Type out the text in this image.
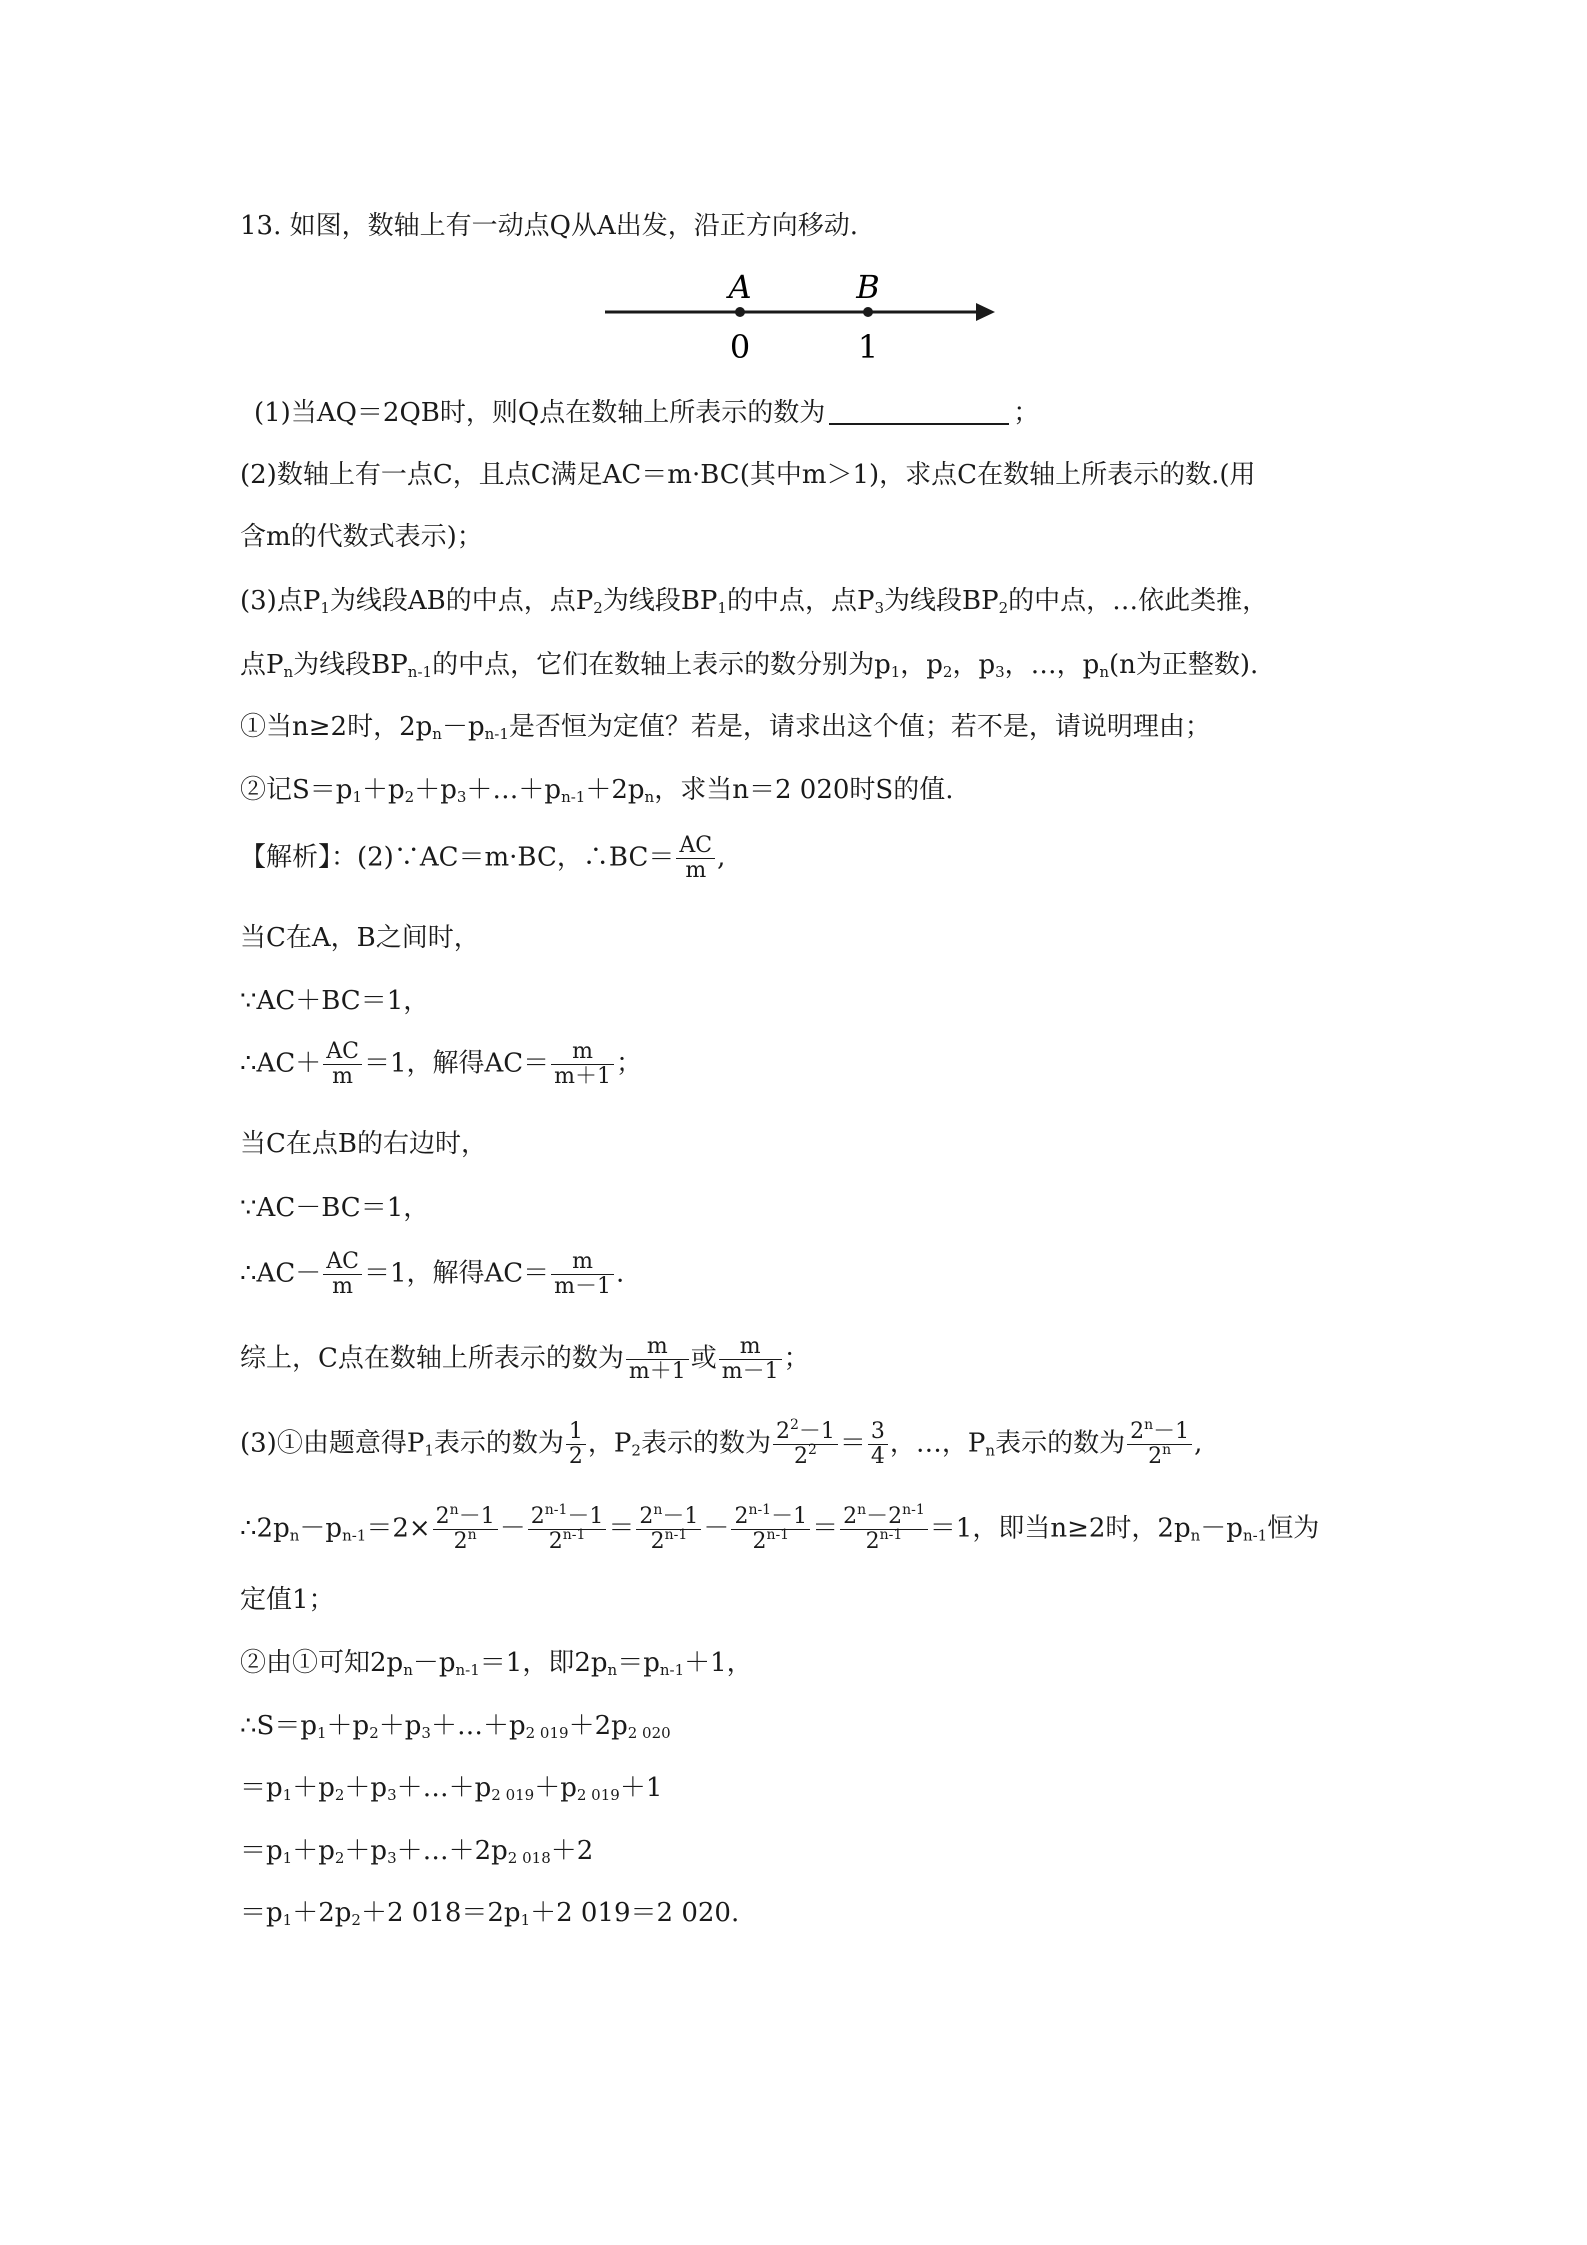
13. 如图，数轴上有一动点Q从A出发，沿正方向移动.
A	B
0	1
(1)当AQ＝2QB时，则Q点在数轴上所表示的数为	；
(2)数轴上有一点C，且点C满足AC＝m·BC(其中m＞1)，求点C在数轴上所表示的数.(用
含m的代数式表示)；
(3)点$P_1$为线段AB的中点，点$P_2$为线段$BP_1$的中点，点$P_3$为线段$BP_2$的中点，…依此类推，
点$P_n$为线段$BP_{n-1}$的中点，它们在数轴上表示的数分别为$p_1$，$p_2$，$p_3$，…，$p_n(n$为正整数).
①当n≥2时，$2p_n-p_{n-1}$是否恒为定值？若是，请求出这个值；若不是，请说明理由；
②记$S=p_1+p_2+p_3+\dots+p_{n-1}+2p_n$，求当n＝2 020时S的值.
【解析】：(2)∵AC＝m·BC，∴BC＝ $\frac{AC}{m}$ ,
当C在A，B之间时，
∵AC＋BC＝1，
∴AC＋ $\frac{AC}{m} =1$，解得$AC= \frac{m}{m+1}$ ；
当C在点B的右边时，
∵AC－BC＝1，
∴AC－ $\frac{AC}{m} =1$，解得$AC= \frac{m}{m-1}$ .
综上，C点在数轴上所表示的数为 $\frac{m}{m+1}$ 或 $\frac{m}{m-1}$ ；
(3)①由题意得$P_1$表示的数为 $\frac{1}{2}$ ，$P_2$表示的数为 $\frac{2^2-1}{2^2} = \frac{3}{4}$ ，…，$P_n$表示的数为 $\frac{2^n-1}{2^n}$ ,
$\therefore 2p_n-p_{n-1}=2\times \frac{2^n-1}{2^n} - \frac{2^{n-1}-1}{2^{n-1}} = \frac{2^n-1}{2^{n-1}} - \frac{2^{n-1}-1}{2^{n-1}} = \frac{2^n-2^{n-1}}{2^{n-1}} =1$，即当n≥2时，$2p_n-p_{n-1}$恒为
定值1；
②由①可知$2p_n-p_{n-1}=1$，即$2p_n=p_{n-1}+1$，
$\therefore S=p_1+p_2+p_3+\dots+p_{2 019}+2p_{2 020}$
$=p_1+p_2+p_3+\dots+p_{2 019}+p_{2 019}+1$
$=p_1+p_2+p_3+\dots+2p_{2 018}+2$
$=p_1+2p_2+2$ $018=2p_1+2$ 019＝2 020.
